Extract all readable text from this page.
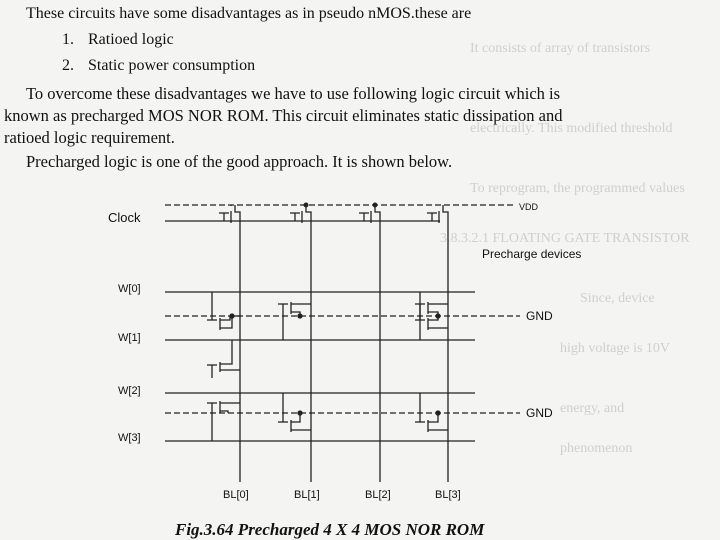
It consists of array of transistors
electrically. This modified threshold
To reprogram, the programmed values
3.8.3.2.1 FLOATING GATE TRANSISTOR
Since, device
high voltage is 10V
energy, and
phenomenon
These circuits have some disadvantages as in pseudo nMOS.these are
1. Ratioed logic
2. Static power consumption
To overcome these disadvantages we have to use following logic circuit which is
known as precharged MOS NOR ROM. This circuit eliminates static dissipation and
ratioed logic requirement.
Precharged logic is one of the good approach. It is shown below.
Clock
VDD
Precharge devices
W[0]
W[1]
W[2]
W[3]
GND
GND
BL[0]	BL[1]	BL[2]	BL[3]
Fig.3.64 Precharged 4 X 4 MOS NOR ROM
